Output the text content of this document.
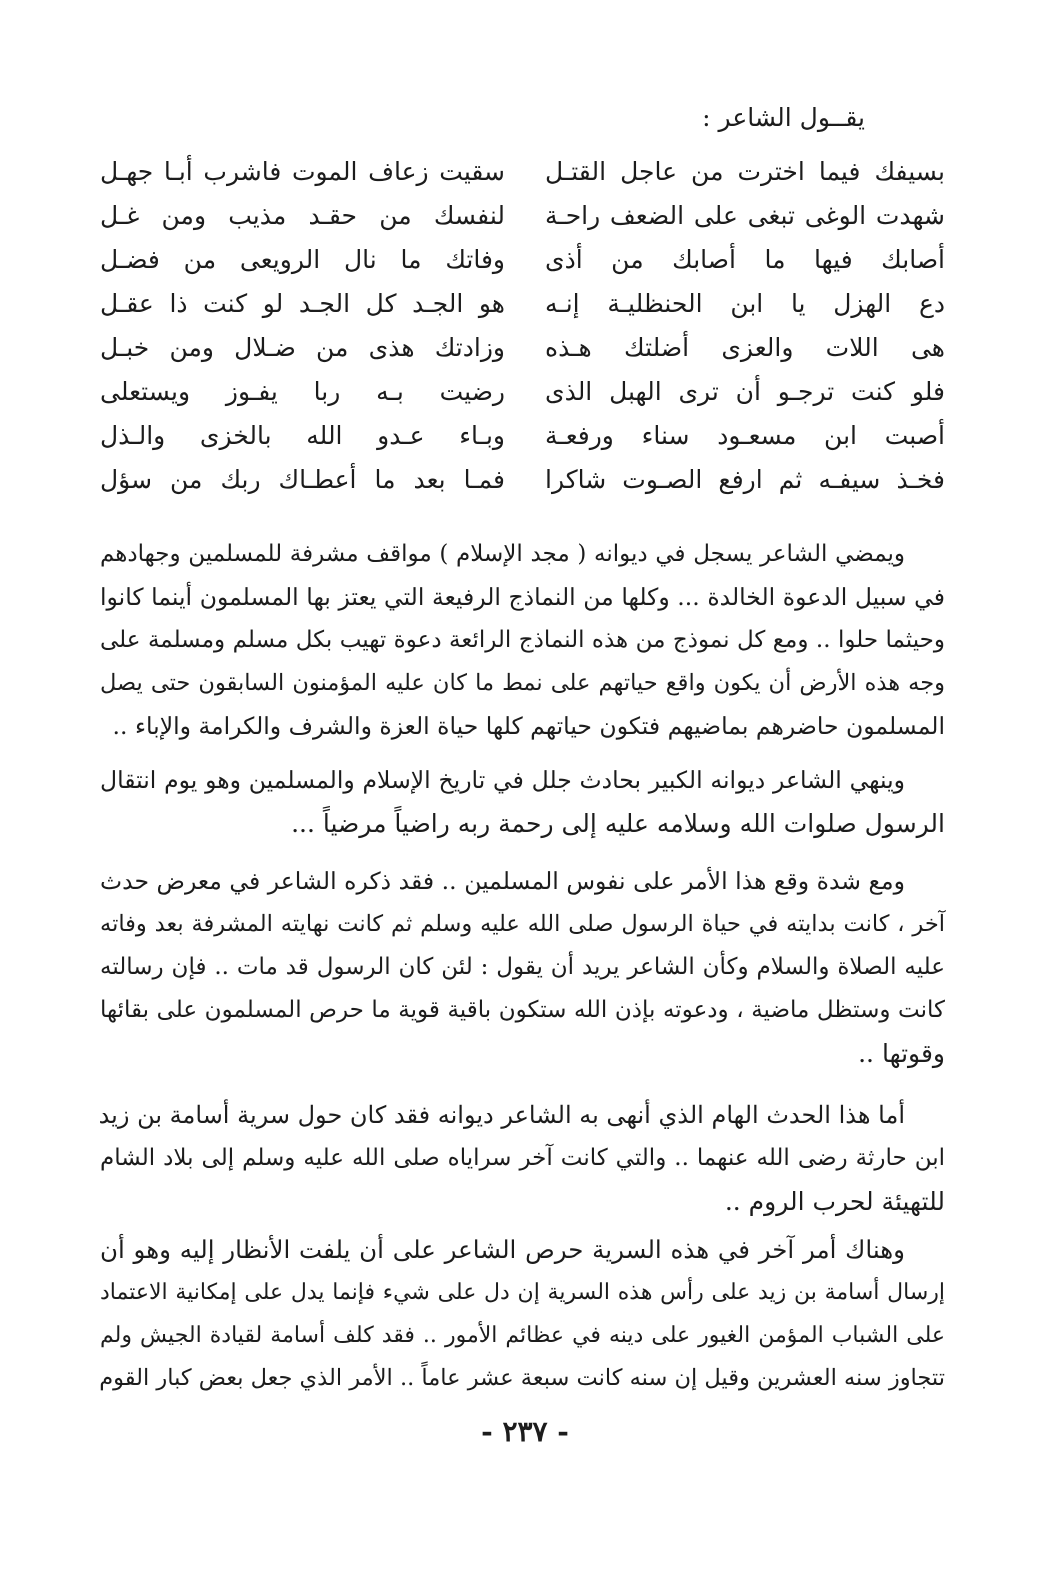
يقــول الشاعر :
بسيفك فيما اخترت من عاجل القتـل
سقيت زعاف الموت فاشرب أبـا جهـل
شهدت الوغى تبغى على الضعف راحـة
لنفسك من حقـد مذيب ومن غـل
أصابك فيها ما أصابك من أذى
وفاتك ما نال الرويعى من فضـل
دع الهزل يا ابن الحنظليـة إنـه
هو الجـد كل الجـد لو كنت ذا عقـل
هى اللات والعزى أضلتك هـذه
وزادتك هذى من ضـلال ومن خبـل
فلو كنت ترجـو أن ترى الهبل الذى
رضيت بـه ربا يفـوز ويستعلى
أصبت ابن مسعـود سناء ورفعـة
وبـاء عـدو الله بالخزى والـذل
فخـذ سيفـه ثم ارفع الصـوت شاكرا
فمـا بعد ما أعطـاك ربك من سؤل
ويمضي الشاعر يسجل في ديوانه ( مجد الإسلام ) مواقف مشرفة للمسلمين وجهادهم
في سبيل الدعوة الخالدة ... وكلها من النماذج الرفيعة التي يعتز بها المسلمون أينما كانوا
وحيثما حلوا .. ومع كل نموذج من هذه النماذج الرائعة دعوة تهيب بكل مسلم ومسلمة على
وجه هذه الأرض أن يكون واقع حياتهم على نمط ما كان عليه المؤمنون السابقون حتى يصل
المسلمون حاضرهم بماضيهم فتكون حياتهم كلها حياة العزة والشرف والكرامة والإباء ..
وينهي الشاعر ديوانه الكبير بحادث جلل في تاريخ الإسلام والمسلمين وهو يوم انتقال
الرسول صلوات الله وسلامه عليه إلى رحمة ربه راضياً مرضياً ...
ومع شدة وقع هذا الأمر على نفوس المسلمين .. فقد ذكره الشاعر في معرض حدث
آخر ، كانت بدايته في حياة الرسول صلى الله عليه وسلم ثم كانت نهايته المشرفة بعد وفاته
عليه الصلاة والسلام وكأن الشاعر يريد أن يقول : لئن كان الرسول قد مات .. فإن رسالته
كانت وستظل ماضية ، ودعوته بإذن الله ستكون باقية قوية ما حرص المسلمون على بقائها
وقوتها ..
أما هذا الحدث الهام الذي أنهى به الشاعر ديوانه فقد كان حول سرية أسامة بن زيد
ابن حارثة رضى الله عنهما .. والتي كانت آخر سراياه صلى الله عليه وسلم إلى بلاد الشام
للتهيئة لحرب الروم ..
وهناك أمر آخر في هذه السرية حرص الشاعر على أن يلفت الأنظار إليه وهو أن
إرسال أسامة بن زيد على رأس هذه السرية إن دل على شيء فإنما يدل على إمكانية الاعتماد
على الشباب المؤمن الغيور على دينه في عظائم الأمور .. فقد كلف أسامة لقيادة الجيش ولم
تتجاوز سنه العشرين وقيل إن سنه كانت سبعة عشر عاماً .. الأمر الذي جعل بعض كبار القوم
- ٢٣٧ -
